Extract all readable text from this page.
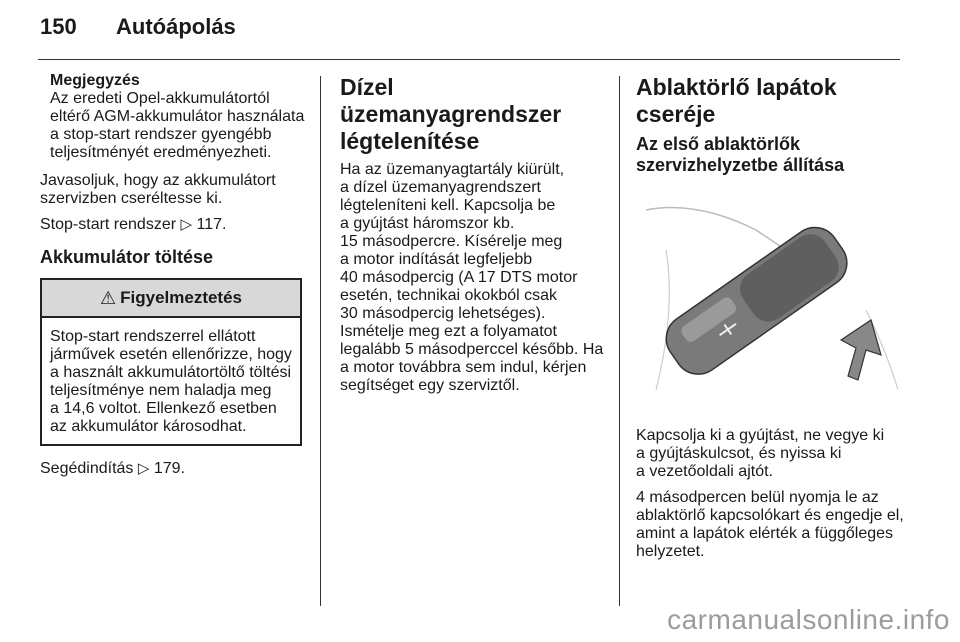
150	Autóápolás
Megjegyzés
Az eredeti Opel-akkumulátortól
eltérő AGM-akkumulátor használata
a stop-start rendszer gyengébb
teljesítményét eredményezheti.

Javasoljuk, hogy az akkumulátort
szervizben cseréltesse ki.

Stop-start rendszer ▷ 117.

Akkumulátor töltése
⚠ Figyelmeztetés
Stop-start rendszerrel ellátott
járművek esetén ellenőrizze, hogy
a használt akkumulátortöltő töltési
teljesítménye nem haladja meg
a 14,6 voltot. Ellenkező esetben
az akkumulátor károsodhat.

Segédindítás ▷ 179.

Dízel üzemanyagrendszer
légtelenítése
Ha az üzemanyagtartály kiürült,
a dízel üzemanyagrendszert
légteleníteni kell. Kapcsolja be
a gyújtást háromszor kb.
15 másodpercre. Kísérelje meg
a motor indítását legfeljebb
40 másodpercig (A 17 DTS motor
esetén, technikai okokból csak
30 másodpercig lehetséges).
Ismételje meg ezt a folyamatot
legalább 5 másodperccel később. Ha
a motor továbbra sem indul, kérjen
segítséget egy szerviztől.
Ablaktörlő lapátok cseréje
Az első ablaktörlők
szervizhelyzetbe állítása

Kapcsolja ki a gyújtást, ne vegye ki
a gyújtáskulcsot, és nyissa ki
a vezetőoldali ajtót.

4 másodpercen belül nyomja le az
ablaktörlő kapcsolókart és engedje el,
amint a lapátok elérték a függőleges
helyzetet.

carmanualsonline.info
